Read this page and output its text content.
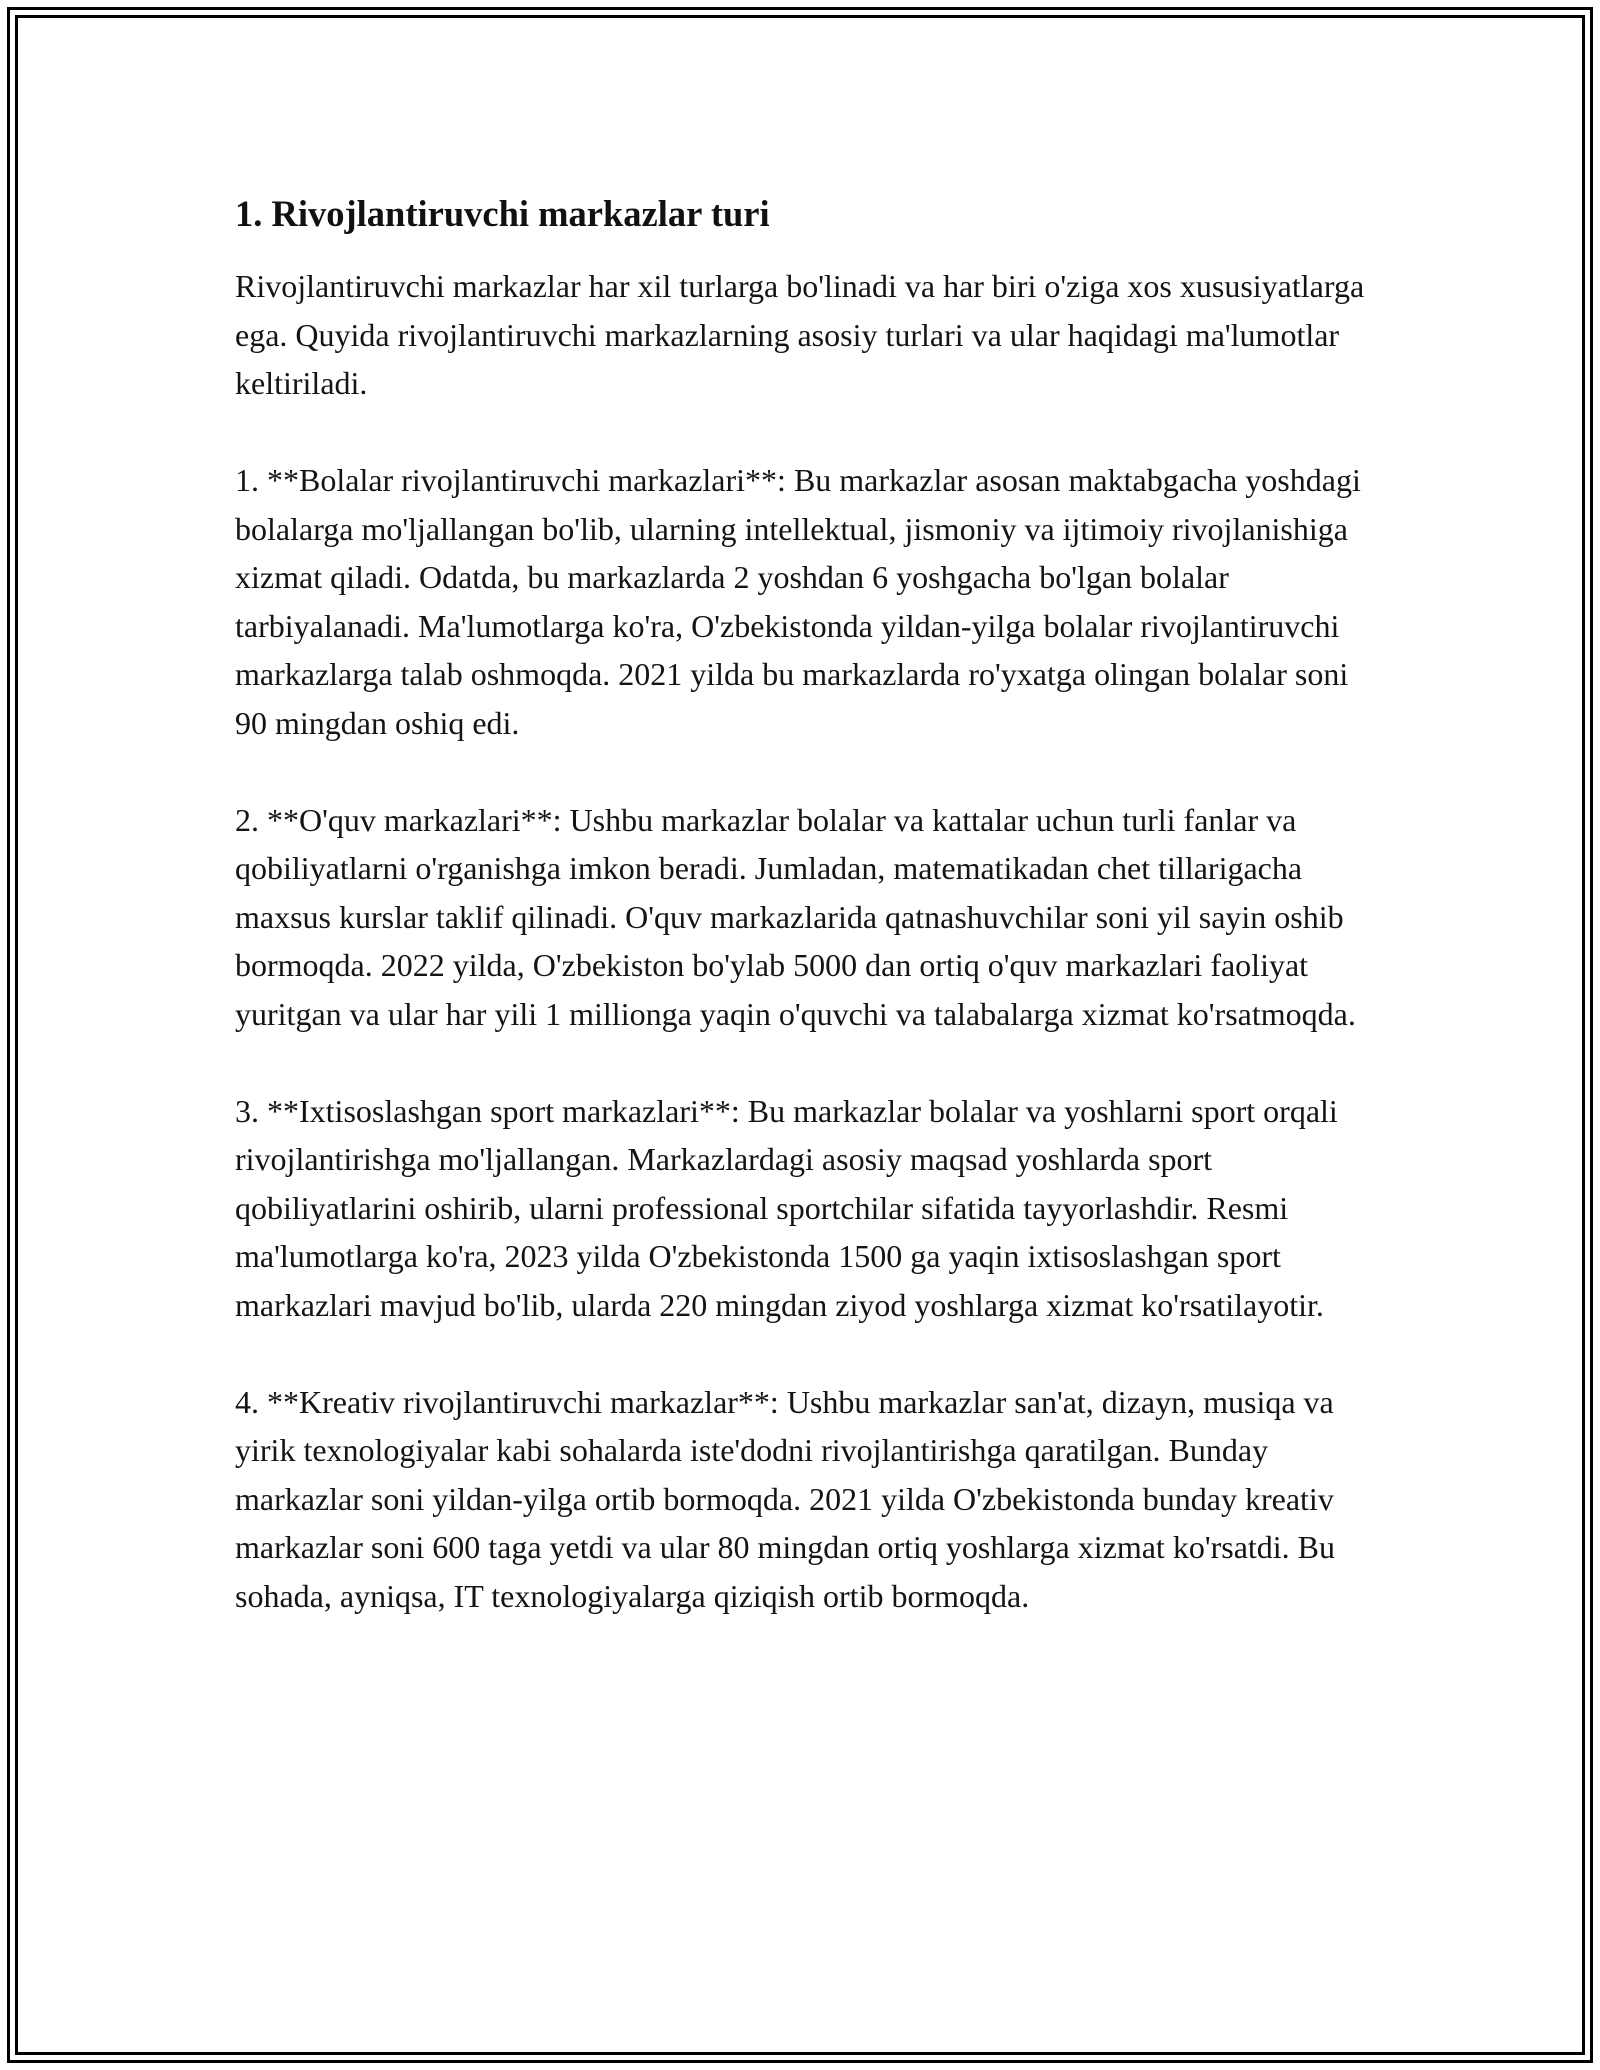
1. Rivojlantiruvchi markazlar turi

Rivojlantiruvchi markazlar har xil turlarga bo'linadi va har biri o'ziga xos xususiyatlarga ega. Quyida rivojlantiruvchi markazlarning asosiy turlari va ular haqidagi ma'lumotlar keltiriladi.

1. **Bolalar rivojlantiruvchi markazlari**: Bu markazlar asosan maktabgacha yoshdagi bolalarga mo'ljallangan bo'lib, ularning intellektual, jismoniy va ijtimoiy rivojlanishiga xizmat qiladi. Odatda, bu markazlarda 2 yoshdan 6 yoshgacha bo'lgan bolalar tarbiyalanadi. Ma'lumotlarga ko'ra, O'zbekistonda yildan-yilga bolalar rivojlantiruvchi markazlarga talab oshmoqda. 2021 yilda bu markazlarda ro'yxatga olingan bolalar soni 90 mingdan oshiq edi.

2. **O'quv markazlari**: Ushbu markazlar bolalar va kattalar uchun turli fanlar va qobiliyatlarni o'rganishga imkon beradi. Jumladan, matematikadan chet tillarigacha maxsus kurslar taklif qilinadi. O'quv markazlarida qatnashuvchilar soni yil sayin oshib bormoqda. 2022 yilda, O'zbekiston bo'ylab 5000 dan ortiq o'quv markazlari faoliyat yuritgan va ular har yili 1 millionga yaqin o'quvchi va talabalarga xizmat ko'rsatmoqda.

3. **Ixtisoslashgan sport markazlari**: Bu markazlar bolalar va yoshlarni sport orqali rivojlantirishga mo'ljallangan. Markazlardagi asosiy maqsad yoshlarda sport qobiliyatlarini oshirib, ularni professional sportchilar sifatida tayyorlashdir. Resmi ma'lumotlarga ko'ra, 2023 yilda O'zbekistonda 1500 ga yaqin ixtisoslashgan sport markazlari mavjud bo'lib, ularda 220 mingdan ziyod yoshlarga xizmat ko'rsatilayotir.

4. **Kreativ rivojlantiruvchi markazlar**: Ushbu markazlar san'at, dizayn, musiqa va yirik texnologiyalar kabi sohalarda iste'dodni rivojlantirishga qaratilgan. Bunday markazlar soni yildan-yilga ortib bormoqda. 2021 yilda O'zbekistonda bunday kreativ markazlar soni 600 taga yetdi va ular 80 mingdan ortiq yoshlarga xizmat ko'rsatdi. Bu sohada, ayniqsa, IT texnologiyalarga qiziqish ortib bormoqda.
